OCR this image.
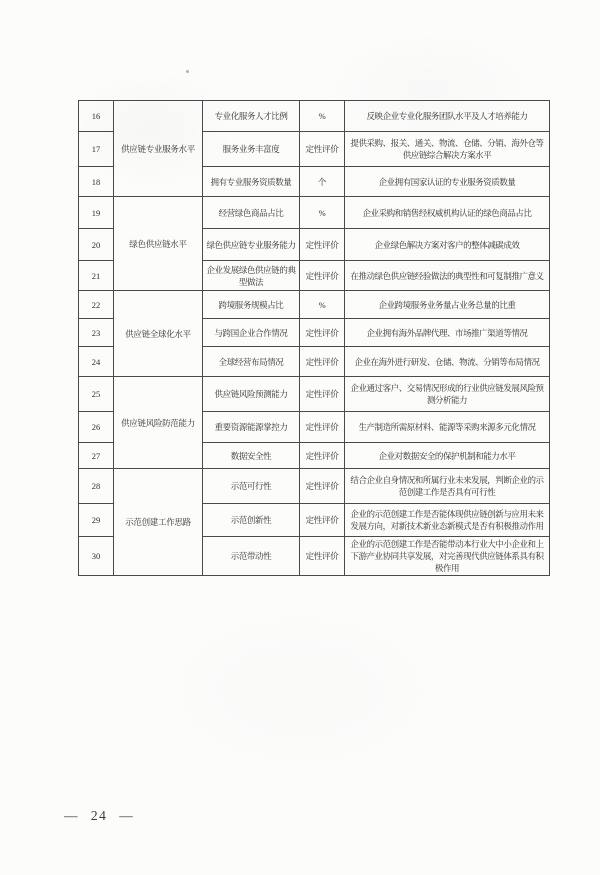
16	供应链专业服务水平	专业化服务人才比例	%	反映企业专业化服务团队水平及人才培养能力
17		服务业务丰富度	定性评价	提供采购、报关、通关、物流、仓储、分销、海外仓等供应链综合解决方案水平
18		拥有专业服务资质数量	个	企业拥有国家认证的专业服务资质数量
19	绿色供应链水平	经营绿色商品占比	%	企业采购和销售经权威机构认证的绿色商品占比
20		绿色供应链专业服务能力	定性评价	企业绿色解决方案对客户的整体减碳成效
21		企业发展绿色供应链的典型做法	定性评价	在推动绿色供应链经验做法的典型性和可复制推广意义
22	供应链全球化水平	跨境服务规模占比	%	企业跨境服务业务量占业务总量的比重
23		与跨国企业合作情况	定性评价	企业拥有海外品牌代理、市场推广渠道等情况
24		全球经营布局情况	定性评价	企业在海外进行研发、仓储、物流、分销等布局情况
25	供应链风险防范能力	供应链风险预测能力	定性评价	企业通过客户、交易情况形成的行业供应链发展风险预测分析能力
26		重要资源能源掌控力	定性评价	生产制造所需原材料、能源等采购来源多元化情况
27		数据安全性	定性评价	企业对数据安全的保护机制和能力水平
28	示范创建工作思路	示范可行性	定性评价	结合企业自身情况和所属行业未来发展，判断企业的示范创建工作是否具有可行性
29		示范创新性	定性评价	企业的示范创建工作是否能体现供应链创新与应用未来发展方向，对新技术新业态新模式是否有积极推动作用
30		示范带动性	定性评价	企业的示范创建工作是否能带动本行业大中小企业和上下游产业协同共享发展，对完善现代供应链体系具有积极作用
— 24 —
